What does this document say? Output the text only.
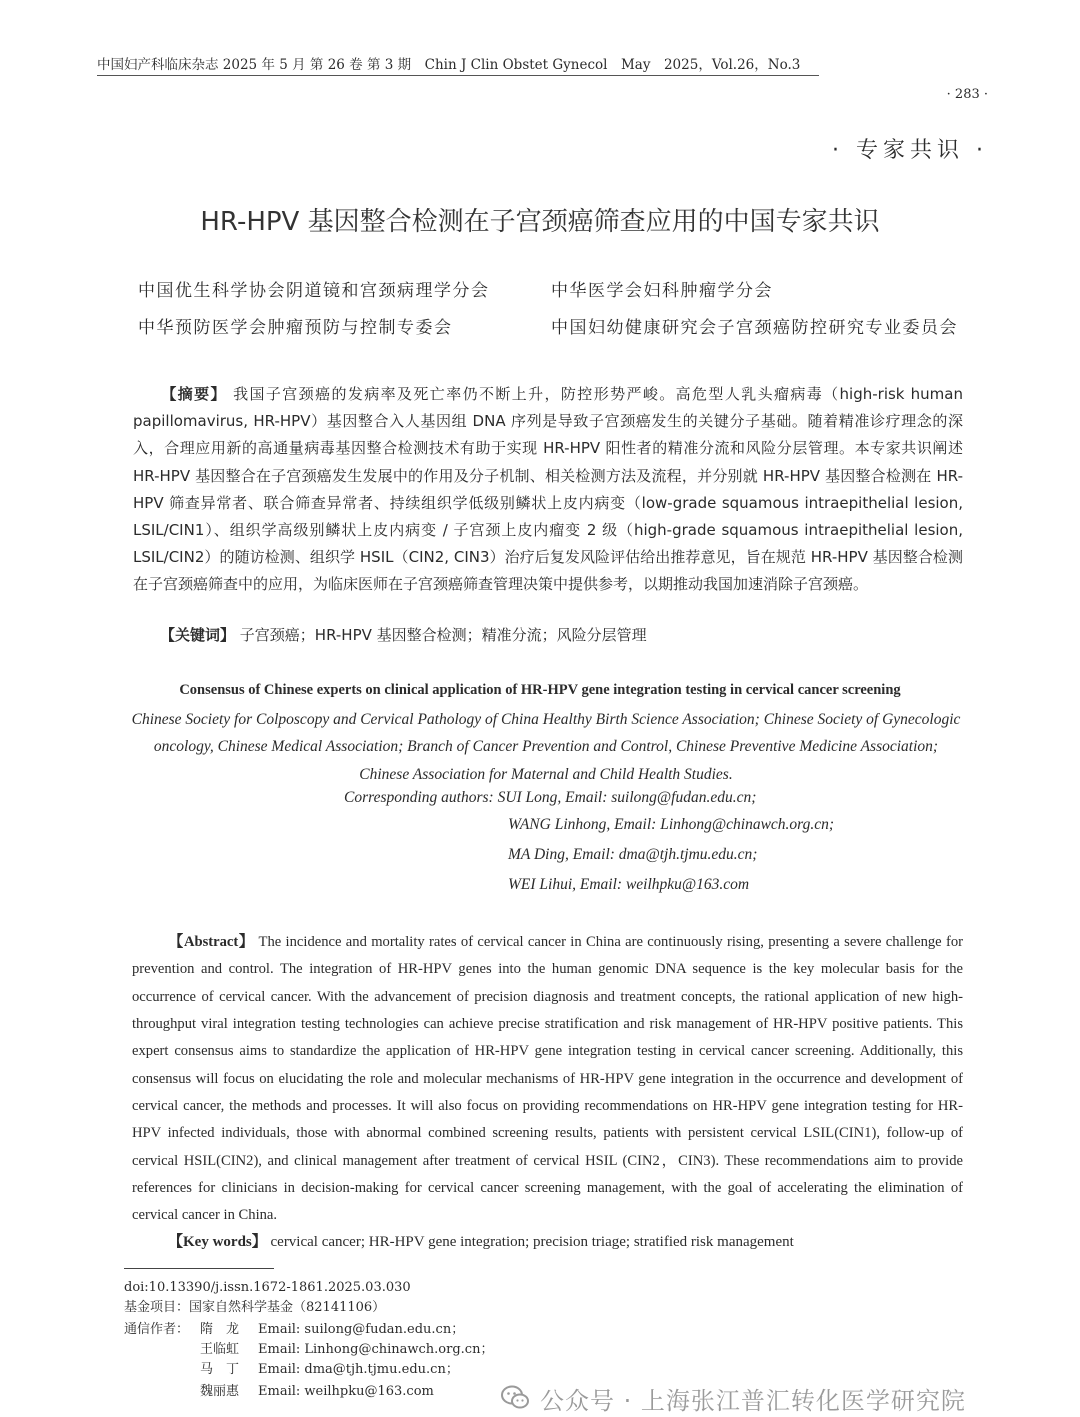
中国妇产科临床杂志 2025 年 5 月 第 26 卷 第 3 期　Chin J Clin Obstet Gynecol　May　2025，Vol.26，No.3
· 283 ·
· 专家共识 ·
HR-HPV 基因整合检测在子宫颈癌筛查应用的中国专家共识
中国优生科学协会阴道镜和宫颈病理学分会	中华医学会妇科肿瘤学分会
中华预防医学会肿瘤预防与控制专委会	中国妇幼健康研究会子宫颈癌防控研究专业委员会
【摘要】 我国子宫颈癌的发病率及死亡率仍不断上升，防控形势严峻。高危型人乳头瘤病毒（high-risk human papillomavirus, HR-HPV）基因整合入人基因组 DNA 序列是导致子宫颈癌发生的关键分子基础。随着精准诊疗理念的深入，合理应用新的高通量病毒基因整合检测技术有助于实现 HR-HPV 阳性者的精准分流和风险分层管理。本专家共识阐述 HR-HPV 基因整合在子宫颈癌发生发展中的作用及分子机制、相关检测方法及流程，并分别就 HR-HPV 基因整合检测在 HR-HPV 筛查异常者、联合筛查异常者、持续组织学低级别鳞状上皮内病变（low-grade squamous intraepithelial lesion, LSIL/CIN1）、组织学高级别鳞状上皮内病变 / 子宫颈上皮内瘤变 2 级（high-grade squamous intraepithelial lesion, LSIL/CIN2）的随访检测、组织学 HSIL（CIN2, CIN3）治疗后复发风险评估给出推荐意见，旨在规范 HR-HPV 基因整合检测在子宫颈癌筛查中的应用，为临床医师在子宫颈癌筛查管理决策中提供参考，以期推动我国加速消除子宫颈癌。
【关键词】 子宫颈癌；HR-HPV 基因整合检测；精准分流；风险分层管理
Consensus of Chinese experts on clinical application of HR-HPV gene integration testing in cervical cancer screening
Chinese Society for Colposcopy and Cervical Pathology of China Healthy Birth Science Association; Chinese Society of Gynecologic oncology, Chinese Medical Association; Branch of Cancer Prevention and Control, Chinese Preventive Medicine Association; Chinese Association for Maternal and Child Health Studies.
Corresponding authors: SUI Long, Email: suilong@fudan.edu.cn;
WANG Linhong, Email: Linhong@chinawch.org.cn;
MA Ding, Email: dma@tjh.tjmu.edu.cn;
WEI Lihui, Email: weilhpku@163.com
【Abstract】 The incidence and mortality rates of cervical cancer in China are continuously rising, presenting a severe challenge for prevention and control. The integration of HR-HPV genes into the human genomic DNA sequence is the key molecular basis for the occurrence of cervical cancer. With the advancement of precision diagnosis and treatment concepts, the rational application of new high-throughput viral integration testing technologies can achieve precise stratification and risk management of HR-HPV positive patients. This expert consensus aims to standardize the application of HR-HPV gene integration testing in cervical cancer screening. Additionally, this consensus will focus on elucidating the role and molecular mechanisms of HR-HPV gene integration in the occurrence and development of cervical cancer, the methods and processes. It will also focus on providing recommendations on HR-HPV gene integration testing for HR-HPV infected individuals, those with abnormal combined screening results, patients with persistent cervical LSIL(CIN1), follow-up of cervical HSIL(CIN2), and clinical management after treatment of cervical HSIL (CIN2，CIN3). These recommendations aim to provide references for clinicians in decision-making for cervical cancer screening management, with the goal of accelerating the elimination of cervical cancer in China.
【Key words】 cervical cancer; HR-HPV gene integration; precision triage; stratified risk management
doi:10.13390/j.issn.1672-1861.2025.03.030
基金项目：国家自然科学基金（82141106）
通信作者： 隋　龙 Email: suilong@fudan.edu.cn；
王临虹 Email: Linhong@chinawch.org.cn；
马　丁 Email: dma@tjh.tjmu.edu.cn；
魏丽惠 Email: weilhpku@163.com	公众号 · 上海张江普汇转化医学研究院
